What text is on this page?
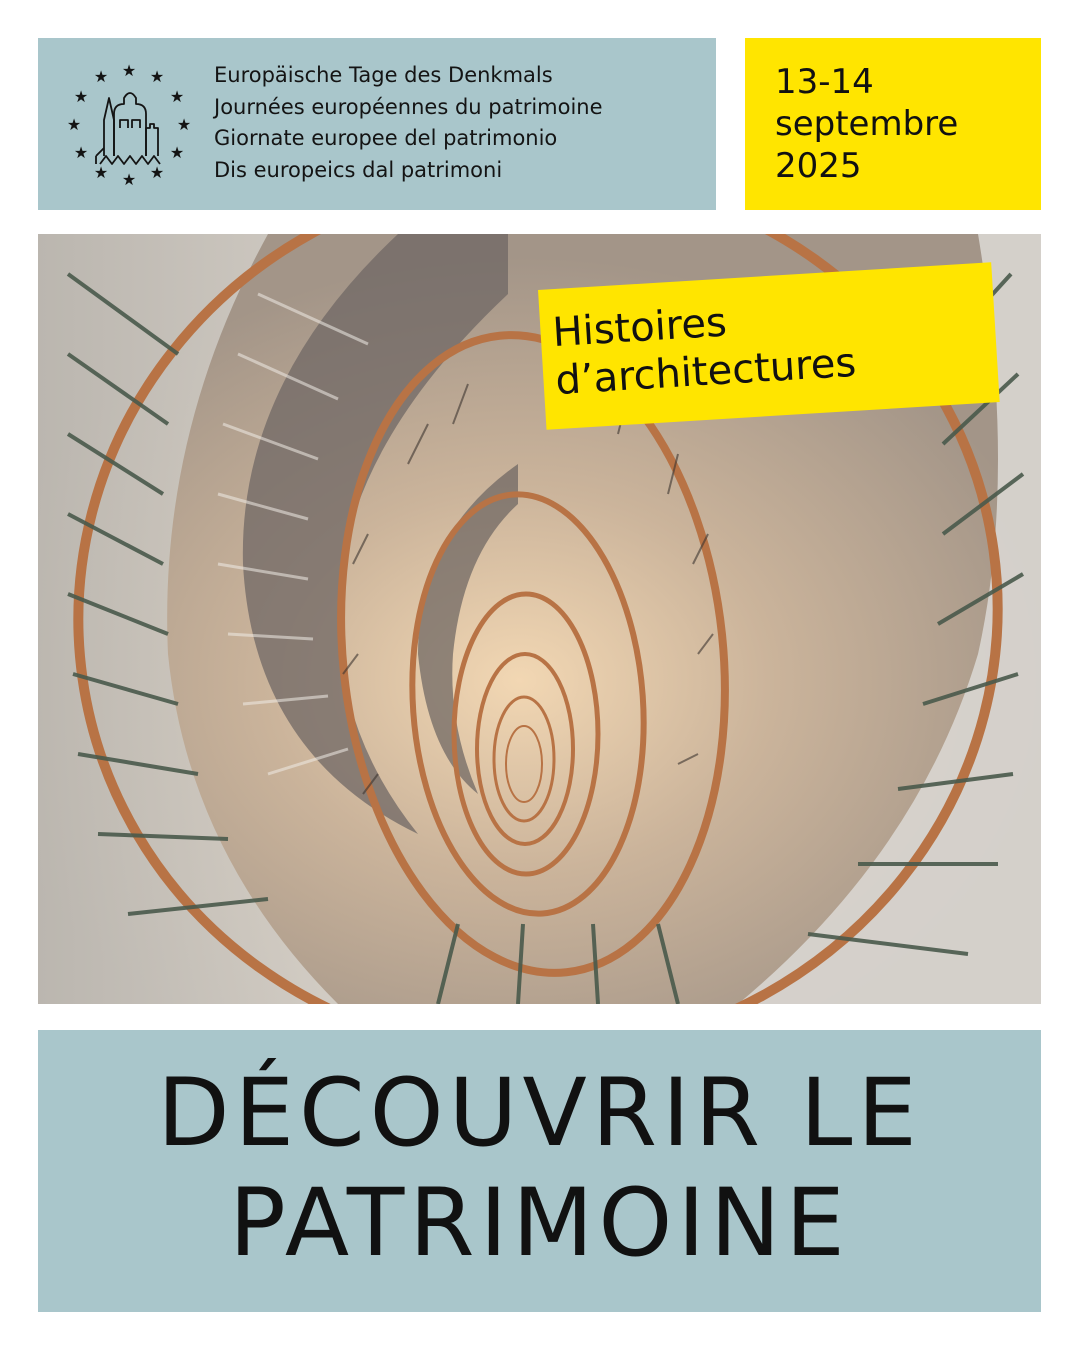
★ ★
★
★
★
★
★
★
★
★
★ ★
Europäische Tage des Denkmals
Journées européennes du patrimoine
Giornate europee del patrimonio
Dis europeics dal patrimoni
13-14
septembre
2025
Histoires
d’architectures
DÉCOUVRIR LE
PATRIMOINE
